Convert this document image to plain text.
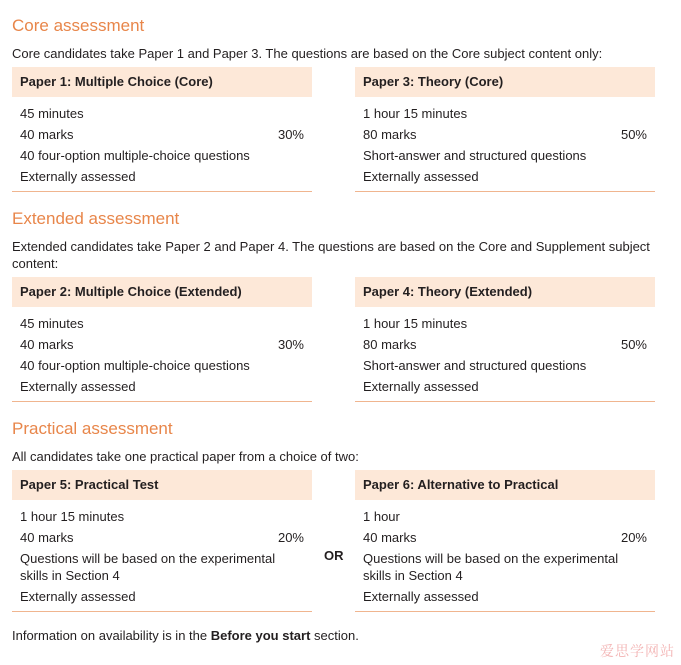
Core assessment
Core candidates take Paper 1 and Paper 3. The questions are based on the Core subject content only:
Paper 1: Multiple Choice (Core)
45 minutes
40 marks	30%
40 four-option multiple-choice questions
Externally assessed
Paper 3: Theory (Core)
1 hour 15 minutes
80 marks	50%
Short-answer and structured questions
Externally assessed
Extended assessment
Extended candidates take Paper 2 and Paper 4. The questions are based on the Core and Supplement subject content:
Paper 2: Multiple Choice (Extended)
45 minutes
40 marks	30%
40 four-option multiple-choice questions
Externally assessed
Paper 4: Theory (Extended)
1 hour 15 minutes
80 marks	50%
Short-answer and structured questions
Externally assessed
Practical assessment
All candidates take one practical paper from a choice of two:
Paper 5: Practical Test
1 hour 15 minutes
40 marks	20%
Questions will be based on the experimental skills in Section 4
Externally assessed
OR
Paper 6: Alternative to Practical
1 hour
40 marks	20%
Questions will be based on the experimental skills in Section 4
Externally assessed
Information on availability is in the Before you start section.
爱思学网站
